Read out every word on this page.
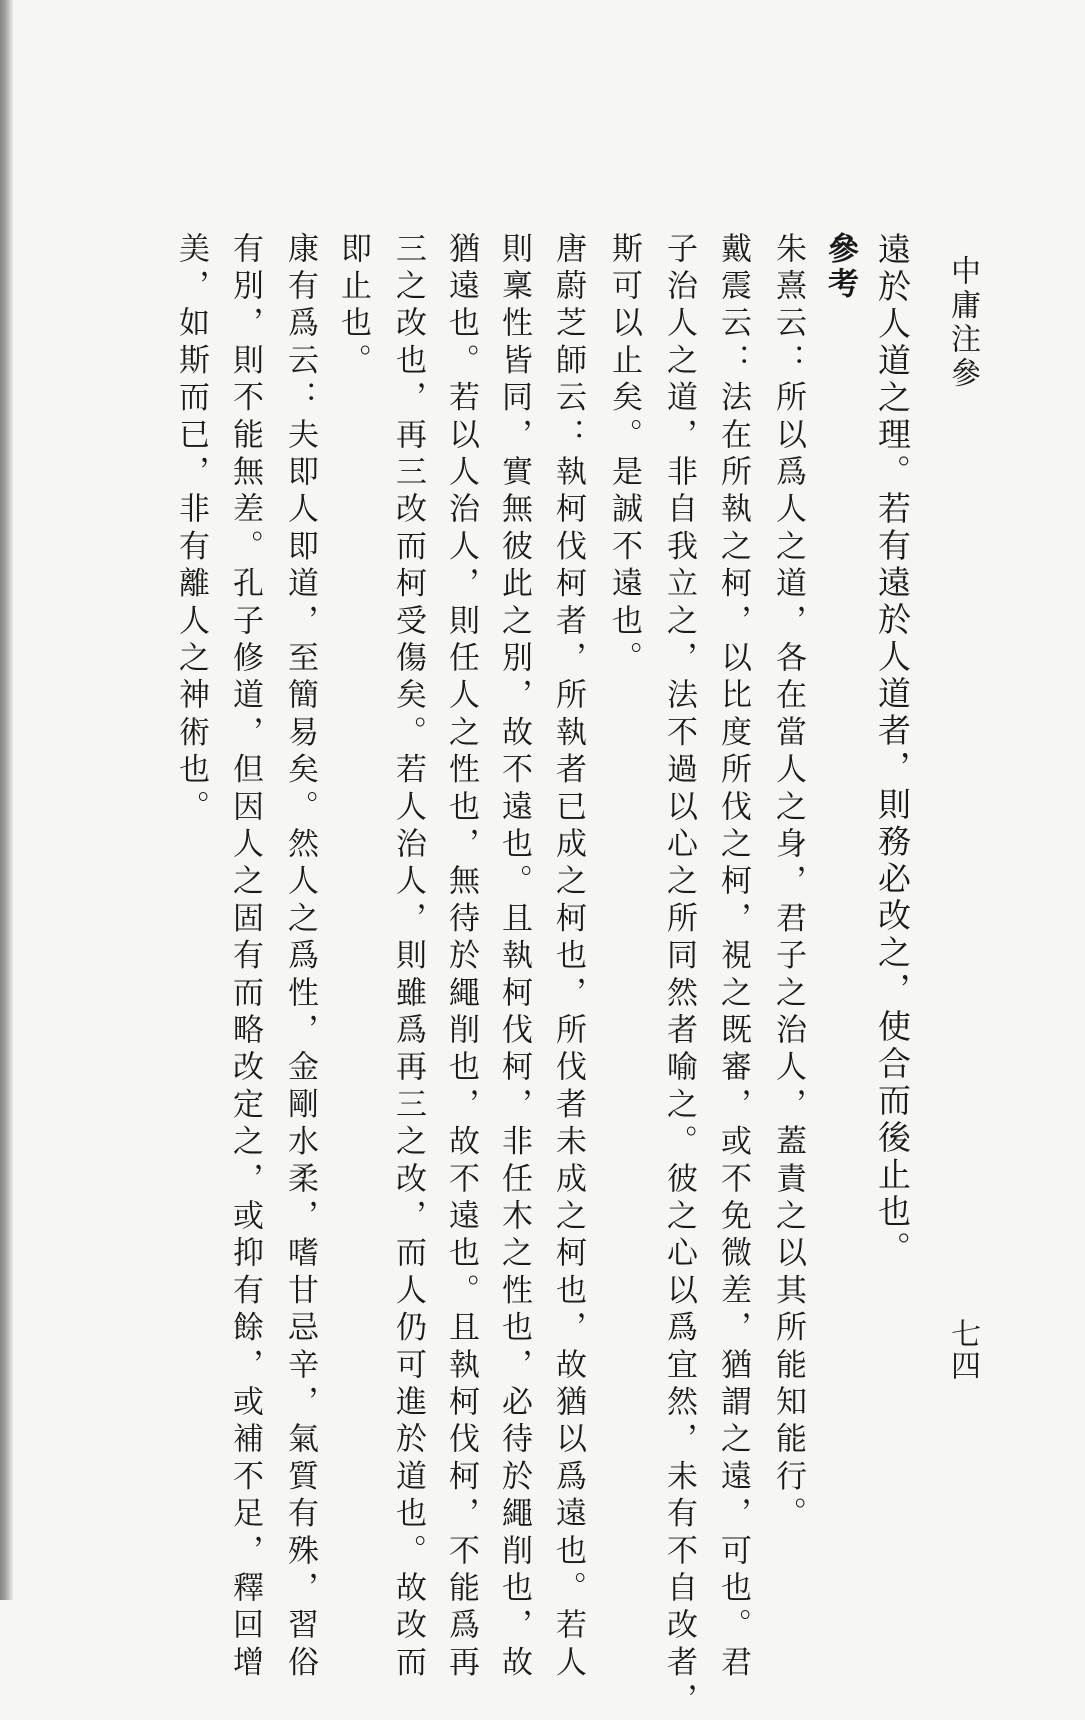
中庸注參
七四
遠於人道之理。若有遠於人道者，則務必改之，使合而後止也。
參考
朱熹云：所以爲人之道，各在當人之身，君子之治人，蓋責之以其所能知能行。
戴震云：法在所執之柯，以比度所伐之柯，視之既審，或不免微差，猶謂之遠，可也。君
子治人之道，非自我立之，法不過以心之所同然者喻之。彼之心以爲宜然，未有不自改者，
斯可以止矣。是誠不遠也。
唐蔚芝師云：執柯伐柯者，所執者已成之柯也，所伐者未成之柯也，故猶以爲遠也。若人
則稟性皆同，實無彼此之別，故不遠也。且執柯伐柯，非任木之性也，必待於繩削也，故
猶遠也。若以人治人，則任人之性也，無待於繩削也，故不遠也。且執柯伐柯，不能爲再
三之改也，再三改而柯受傷矣。若人治人，則雖爲再三之改，而人仍可進於道也。故改而
即止也。
康有爲云：夫即人即道，至簡易矣。然人之爲性，金剛水柔，嗜甘忌辛，氣質有殊，習俗
有別，則不能無差。孔子修道，但因人之固有而略改定之，或抑有餘，或補不足，釋回增
美，如斯而已，非有離人之神術也。
